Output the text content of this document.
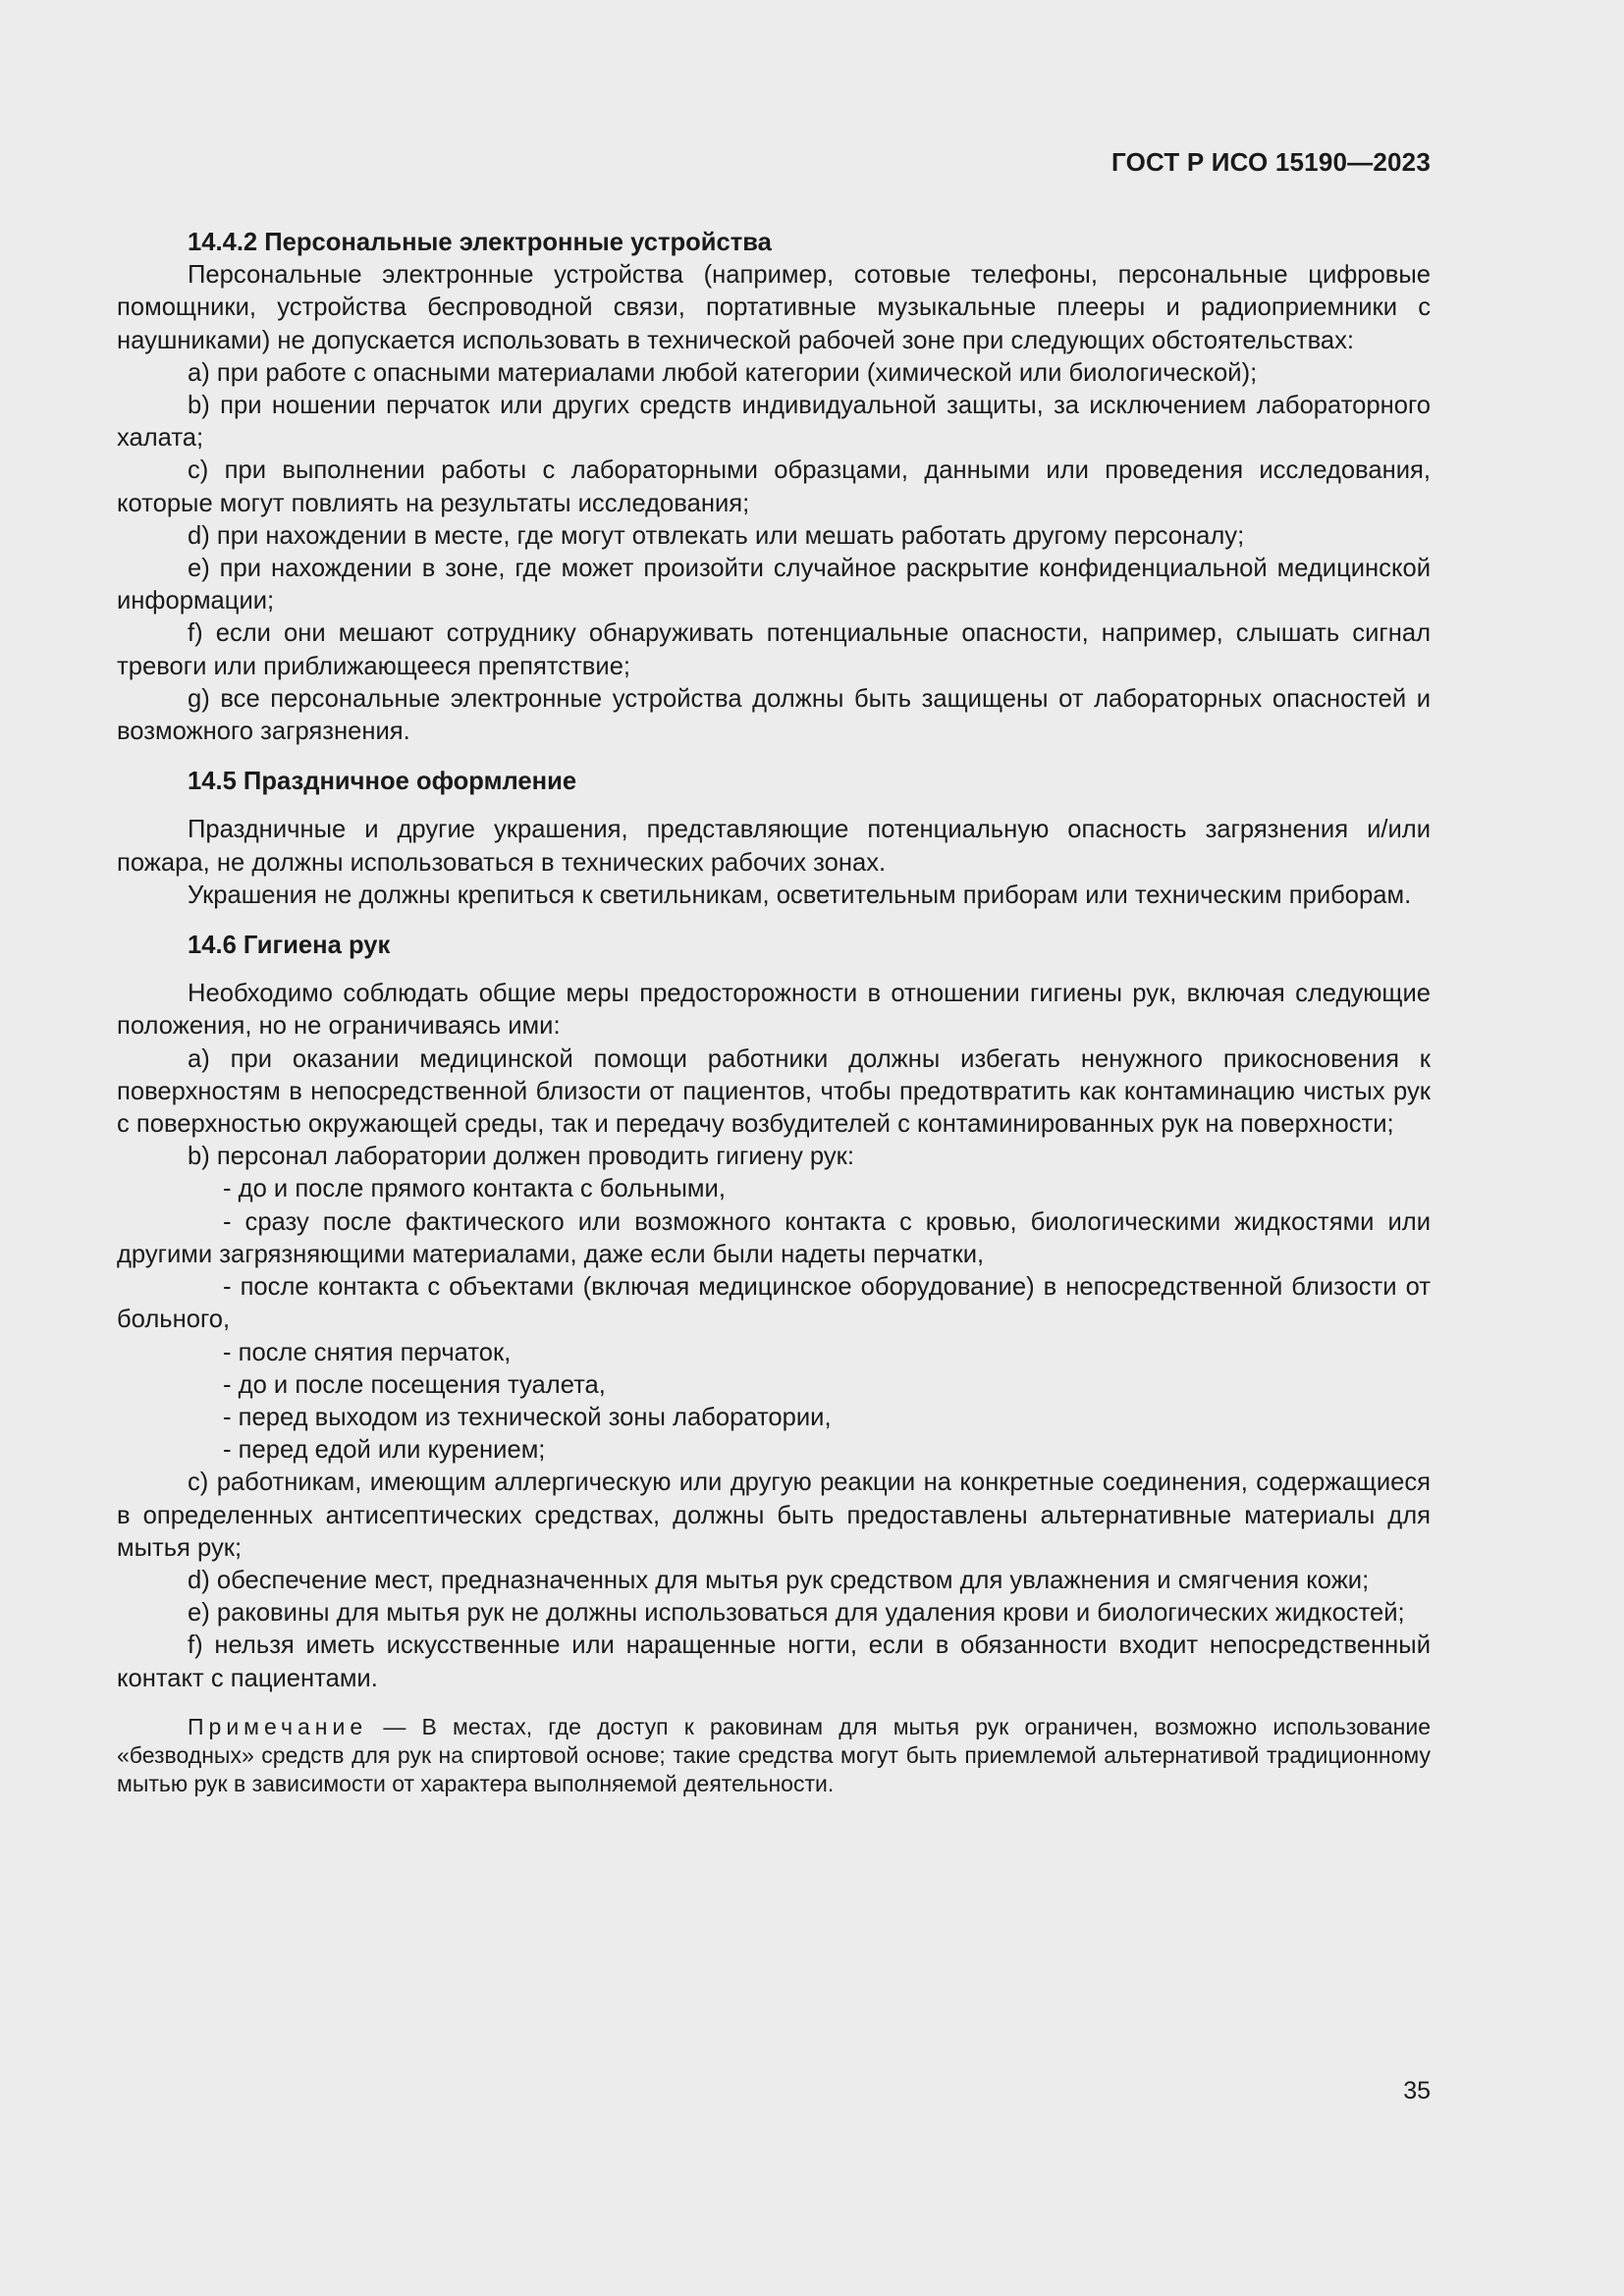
ГОСТ Р ИСО 15190—2023
14.4.2 Персональные электронные устройства

Персональные электронные устройства (например, сотовые телефоны, персональные цифровые помощники, устройства беспроводной связи, портативные музыкальные плееры и радиоприемники с наушниками) не допускается использовать в технической рабочей зоне при следующих обстоятельствах:

a) при работе с опасными материалами любой категории (химической или биологической);

b) при ношении перчаток или других средств индивидуальной защиты, за исключением лабораторного халата;

c) при выполнении работы с лабораторными образцами, данными или проведения исследования, которые могут повлиять на результаты исследования;

d) при нахождении в месте, где могут отвлекать или мешать работать другому персоналу;

e) при нахождении в зоне, где может произойти случайное раскрытие конфиденциальной медицинской информации;

f) если они мешают сотруднику обнаруживать потенциальные опасности, например, слышать сигнал тревоги или приближающееся препятствие;

g) все персональные электронные устройства должны быть защищены от лабораторных опасностей и возможного загрязнения.

14.5 Праздничное оформление

Праздничные и другие украшения, представляющие потенциальную опасность загрязнения и/или пожара, не должны использоваться в технических рабочих зонах.

Украшения не должны крепиться к светильникам, осветительным приборам или техническим приборам.

14.6 Гигиена рук

Необходимо соблюдать общие меры предосторожности в отношении гигиены рук, включая следующие положения, но не ограничиваясь ими:

a) при оказании медицинской помощи работники должны избегать ненужного прикосновения к поверхностям в непосредственной близости от пациентов, чтобы предотвратить как контаминацию чистых рук с поверхностью окружающей среды, так и передачу возбудителей с контаминированных рук на поверхности;

b) персонал лаборатории должен проводить гигиену рук:

- до и после прямого контакта с больными,

- сразу после фактического или возможного контакта с кровью, биологическими жидкостями или другими загрязняющими материалами, даже если были надеты перчатки,

- после контакта с объектами (включая медицинское оборудование) в непосредственной близости от больного,

- после снятия перчаток,

- до и после посещения туалета,

- перед выходом из технической зоны лаборатории,

- перед едой или курением;

c) работникам, имеющим аллергическую или другую реакции на конкретные соединения, содержащиеся в определенных антисептических средствах, должны быть предоставлены альтернативные материалы для мытья рук;

d) обеспечение мест, предназначенных для мытья рук средством для увлажнения и смягчения кожи;

e) раковины для мытья рук не должны использоваться для удаления крови и биологических жидкостей;

f) нельзя иметь искусственные или наращенные ногти, если в обязанности входит непосредственный контакт с пациентами.

Примечание — В местах, где доступ к раковинам для мытья рук ограничен, возможно использование «безводных» средств для рук на спиртовой основе; такие средства могут быть приемлемой альтернативой традиционному мытью рук в зависимости от характера выполняемой деятельности.
35
